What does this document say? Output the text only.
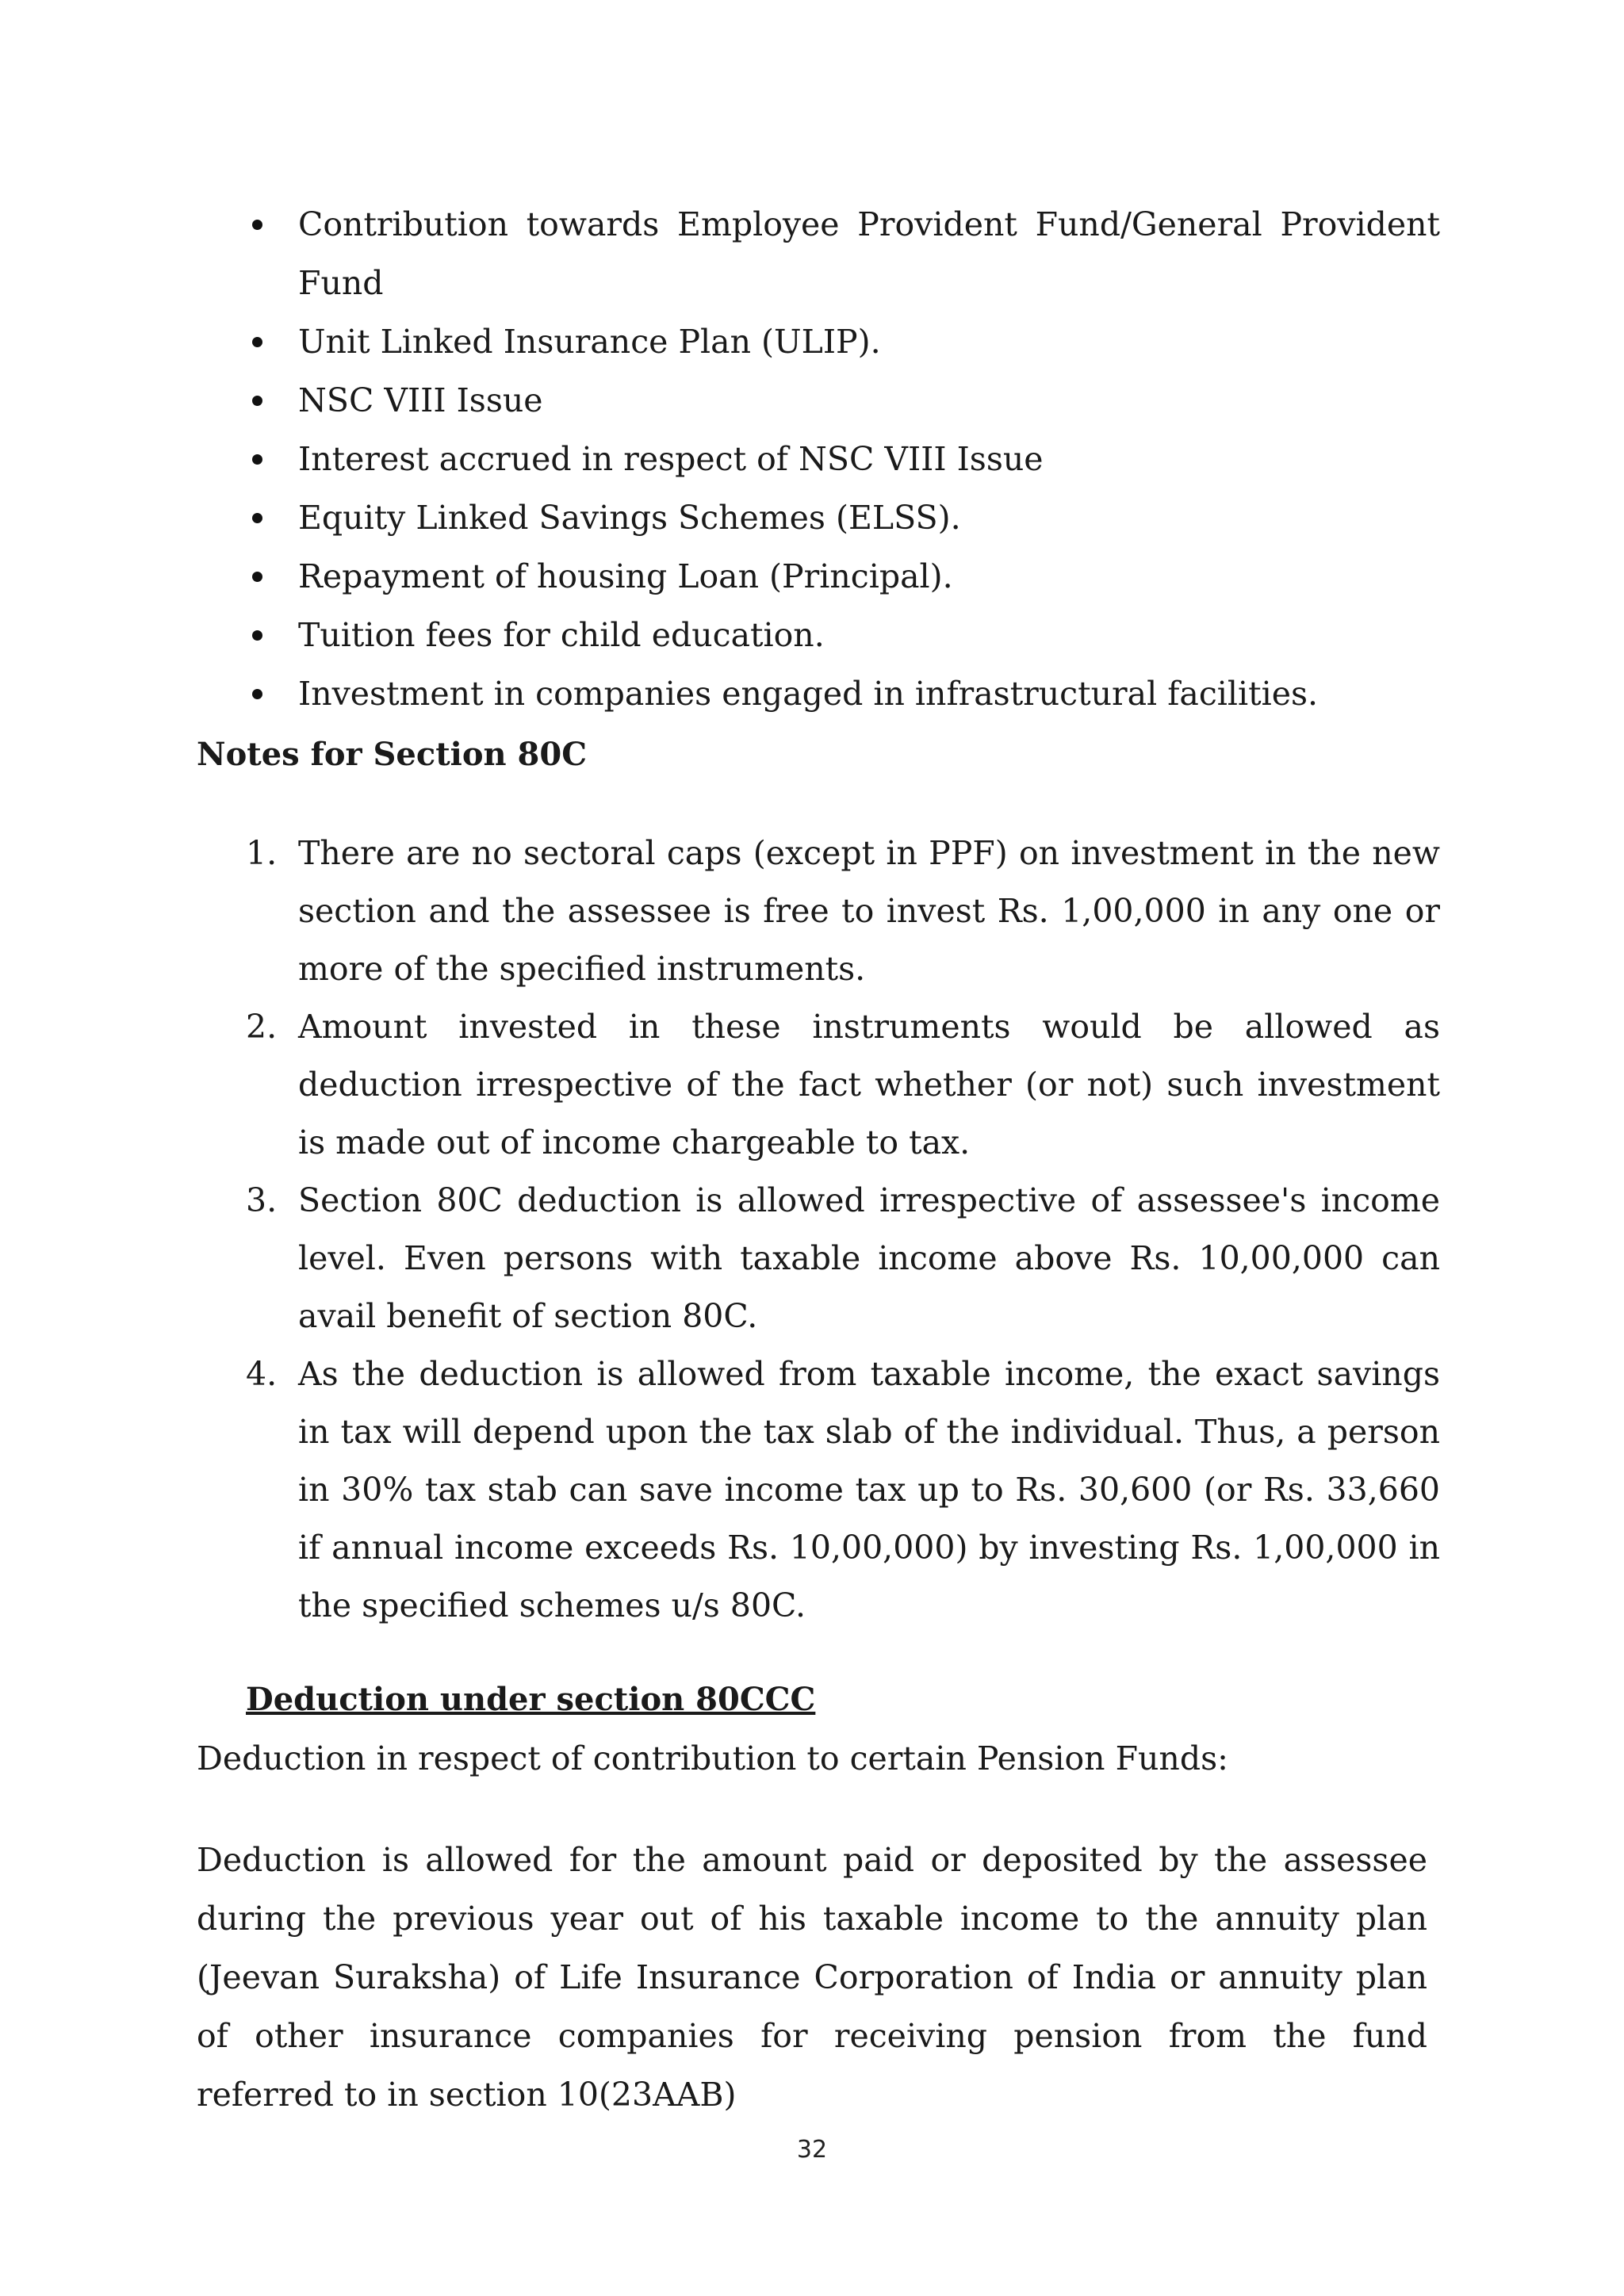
Contribution towards Employee Provident Fund/General Provident Fund
Unit Linked Insurance Plan (ULIP).
NSC VIII Issue
Interest accrued in respect of NSC VIII Issue
Equity Linked Savings Schemes (ELSS).
Repayment of housing Loan (Principal).
Tuition fees for child education.
Investment in companies engaged in infrastructural facilities.
Notes for Section 80C
1. There are no sectoral caps (except in PPF) on investment in the new section and the assessee is free to invest Rs. 1,00,000 in any one or more of the specified instruments.
2. Amount invested in these instruments would be allowed as deduction irrespective of the fact whether (or not) such investment is made out of income chargeable to tax.
3. Section 80C deduction is allowed irrespective of assessee's income level. Even persons with taxable income above Rs. 10,00,000 can avail benefit of section 80C.
4. As the deduction is allowed from taxable income, the exact savings in tax will depend upon the tax slab of the individual. Thus, a person in 30% tax stab can save income tax up to Rs. 30,600 (or Rs. 33,660 if annual income exceeds Rs. 10,00,000) by investing Rs. 1,00,000 in the specified schemes u/s 80C.
Deduction under section 80CCC

Deduction in respect of contribution to certain Pension Funds:

Deduction is allowed for the amount paid or deposited by the assessee during the previous year out of his taxable income to the annuity plan (Jeevan Suraksha) of Life Insurance Corporation of India or annuity plan of other insurance companies for receiving pension from the fund referred to in section 10(23AAB)

32
